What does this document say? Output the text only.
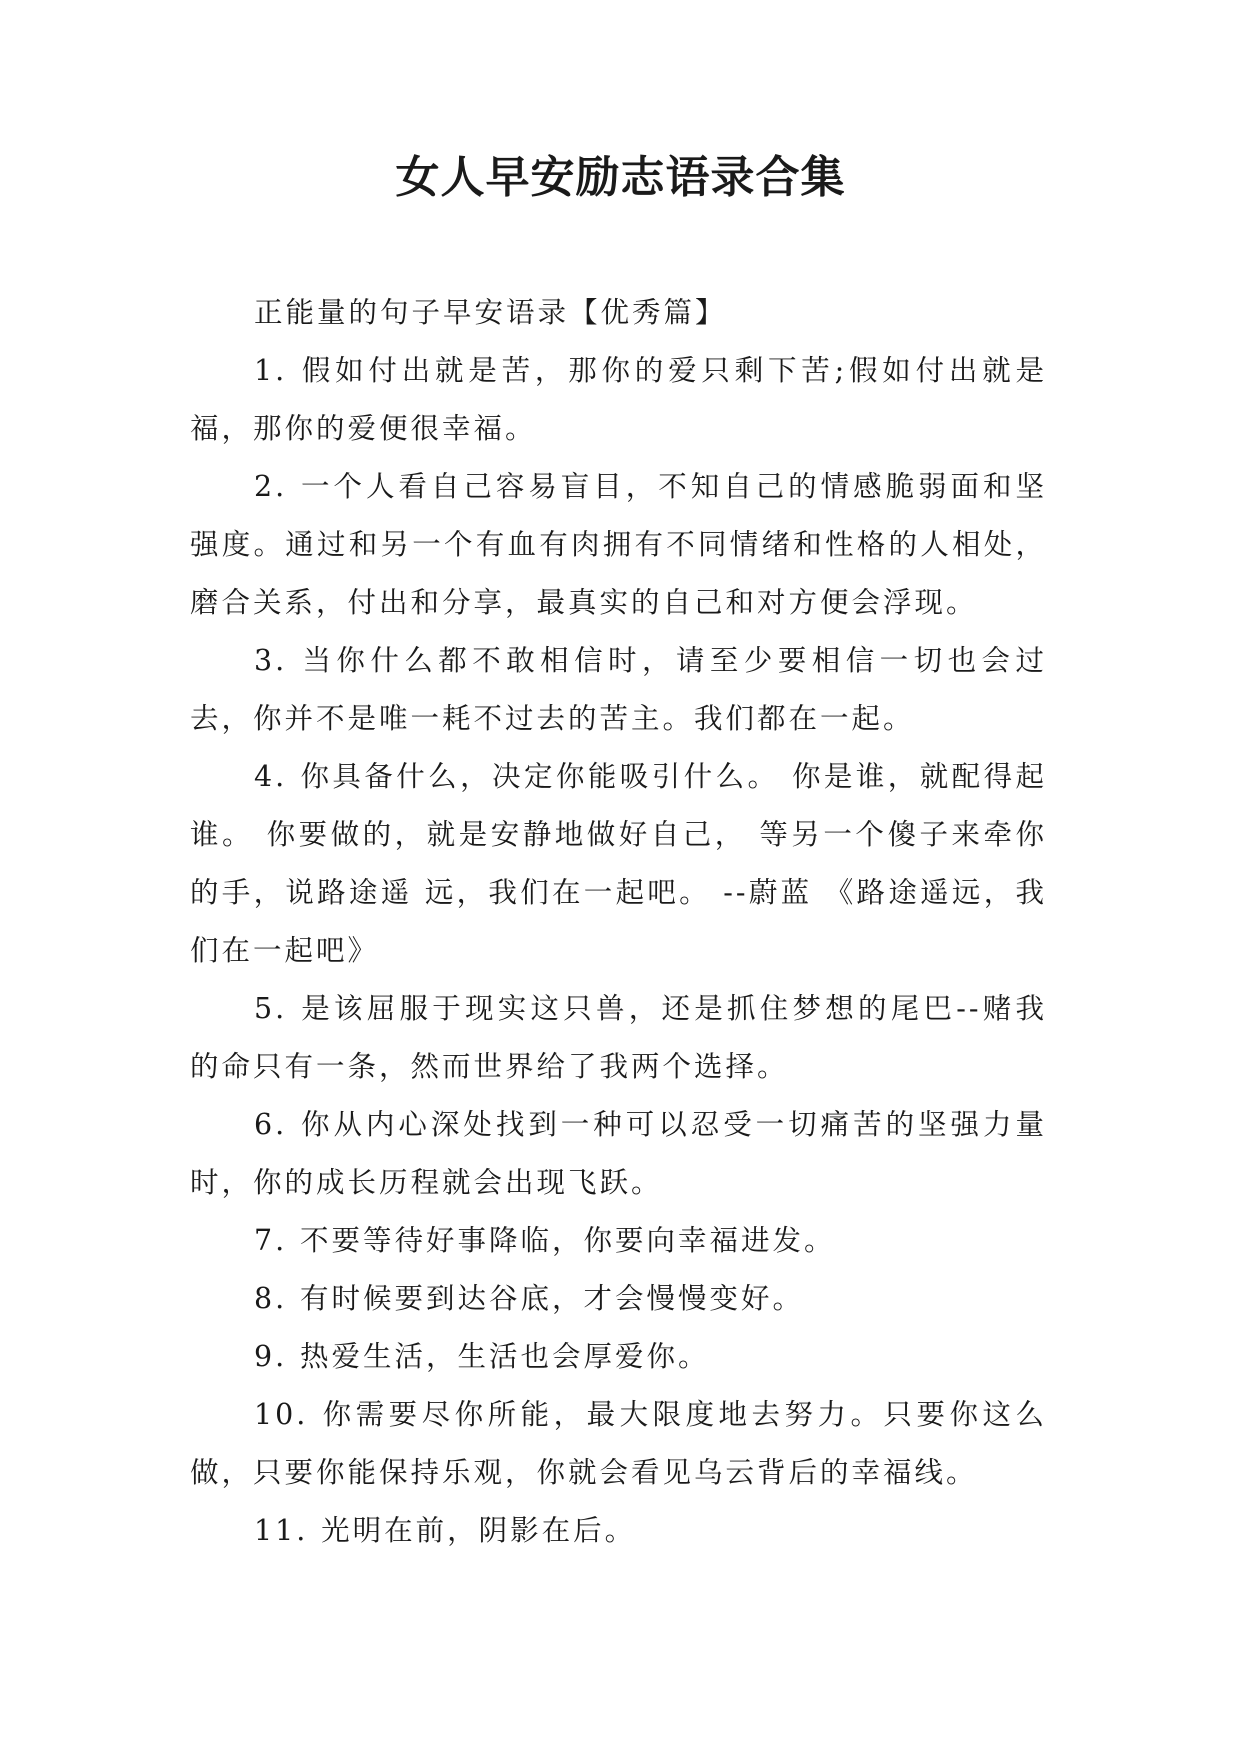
女人早安励志语录合集

正能量的句子早安语录【优秀篇】

1. 假如付出就是苦，那你的爱只剩下苦;假如付出就是福，那你的爱便很幸福。

2. 一个人看自己容易盲目，不知自己的情感脆弱面和坚强度。通过和另一个有血有肉拥有不同情绪和性格的人相处，磨合关系，付出和分享，最真实的自己和对方便会浮现。

3. 当你什么都不敢相信时，请至少要相信一切也会过去，你并不是唯一耗不过去的苦主。我们都在一起。

4. 你具备什么，决定你能吸引什么。 你是谁，就配得起谁。 你要做的，就是安静地做好自己， 等另一个傻子来牵你的手，说路途遥 远，我们在一起吧。 --蔚蓝 《路途遥远，我们在一起吧》

5. 是该屈服于现实这只兽，还是抓住梦想的尾巴--赌我的命只有一条，然而世界给了我两个选择。

6. 你从内心深处找到一种可以忍受一切痛苦的坚强力量时，你的成长历程就会出现飞跃。

7. 不要等待好事降临，你要向幸福进发。

8. 有时候要到达谷底，才会慢慢变好。

9. 热爱生活，生活也会厚爱你。

10. 你需要尽你所能，最大限度地去努力。只要你这么做，只要你能保持乐观，你就会看见乌云背后的幸福线。

11. 光明在前，阴影在后。
